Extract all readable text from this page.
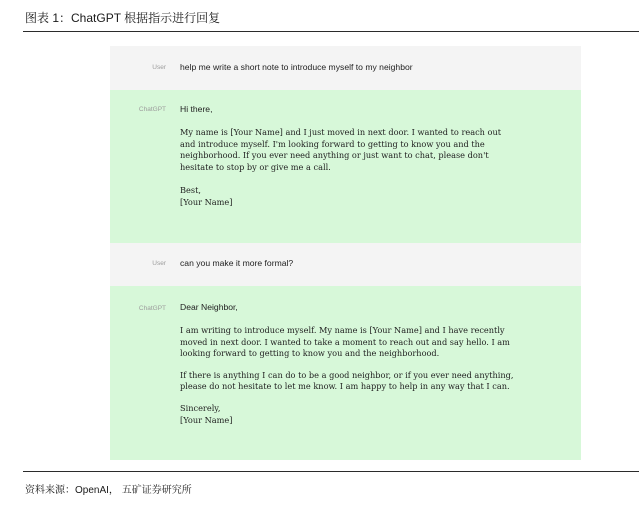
图表 1：ChatGPT 根据指示进行回复
User help me write a short note to introduce myself to my neighbor
ChatGPT Hi there,

My name is [Your Name] and I just moved in next door. I wanted to reach out

and introduce myself. I'm looking forward to getting to know you and the

neighborhood. If you ever need anything or just want to chat, please don't

hesitate to stop by or give me a call.

Best,

[Your Name]

User can you make it more formal?
ChatGPT Dear Neighbor,

I am writing to introduce myself. My name is [Your Name] and I have recently

moved in next door. I wanted to take a moment to reach out and say hello. I am

looking forward to getting to know you and the neighborhood.

If there is anything I can do to be a good neighbor, or if you ever need anything,

please do not hesitate to let me know. I am happy to help in any way that I can.

Sincerely,

[Your Name]

资料来源：OpenAI， 五矿证券研究所
